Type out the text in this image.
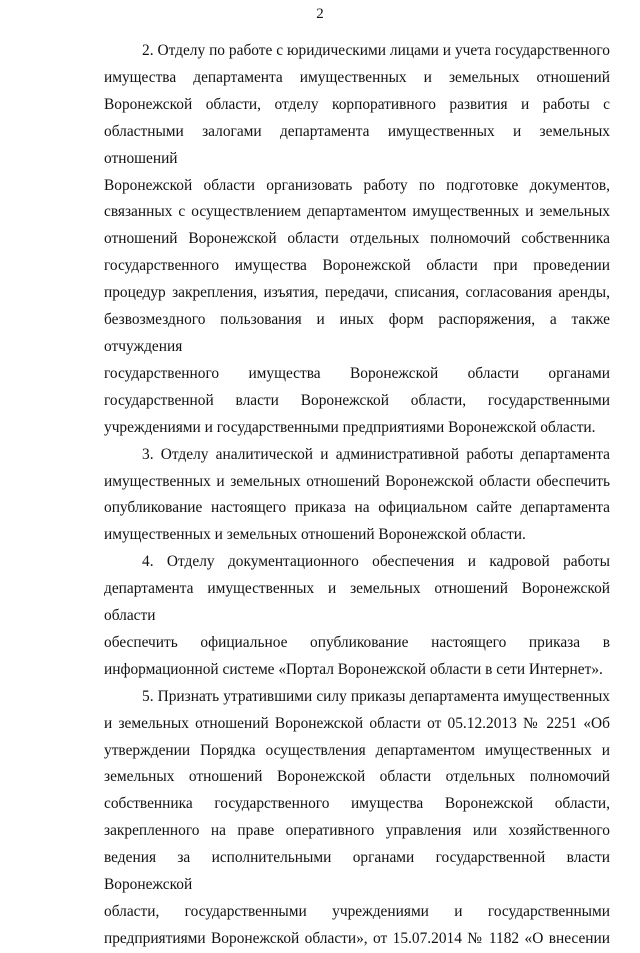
2
2. Отделу по работе с юридическими лицами и учета государственного
имущества департамента имущественных и земельных отношений
Воронежской области, отделу корпоративного развития и работы с
областными залогами департамента имущественных и земельных отношений
Воронежской области организовать работу по подготовке документов,
связанных с осуществлением департаментом имущественных и земельных
отношений Воронежской области отдельных полномочий собственника
государственного имущества Воронежской области при проведении
процедур закрепления, изъятия, передачи, списания, согласования аренды,
безвозмездного пользования и иных форм распоряжения, а также отчуждения
государственного имущества Воронежской области органами
государственной власти Воронежской области, государственными
учреждениями и государственными предприятиями Воронежской области.
3. Отделу аналитической и административной работы департамента
имущественных и земельных отношений Воронежской области обеспечить
опубликование настоящего приказа на официальном сайте департамента
имущественных и земельных отношений Воронежской области.
4. Отделу документационного обеспечения и кадровой работы
департамента имущественных и земельных отношений Воронежской области
обеспечить официальное опубликование настоящего приказа в
информационной системе «Портал Воронежской области в сети Интернет».
5. Признать утратившими силу приказы департамента имущественных
и земельных отношений Воронежской области от 05.12.2013 № 2251 «Об
утверждении Порядка осуществления департаментом имущественных и
земельных отношений Воронежской области отдельных полномочий
собственника государственного имущества Воронежской области,
закрепленного на праве оперативного управления или хозяйственного
ведения за исполнительными органами государственной власти Воронежской
области, государственными учреждениями и государственными
предприятиями Воронежской области», от 15.07.2014 № 1182 «О внесении
